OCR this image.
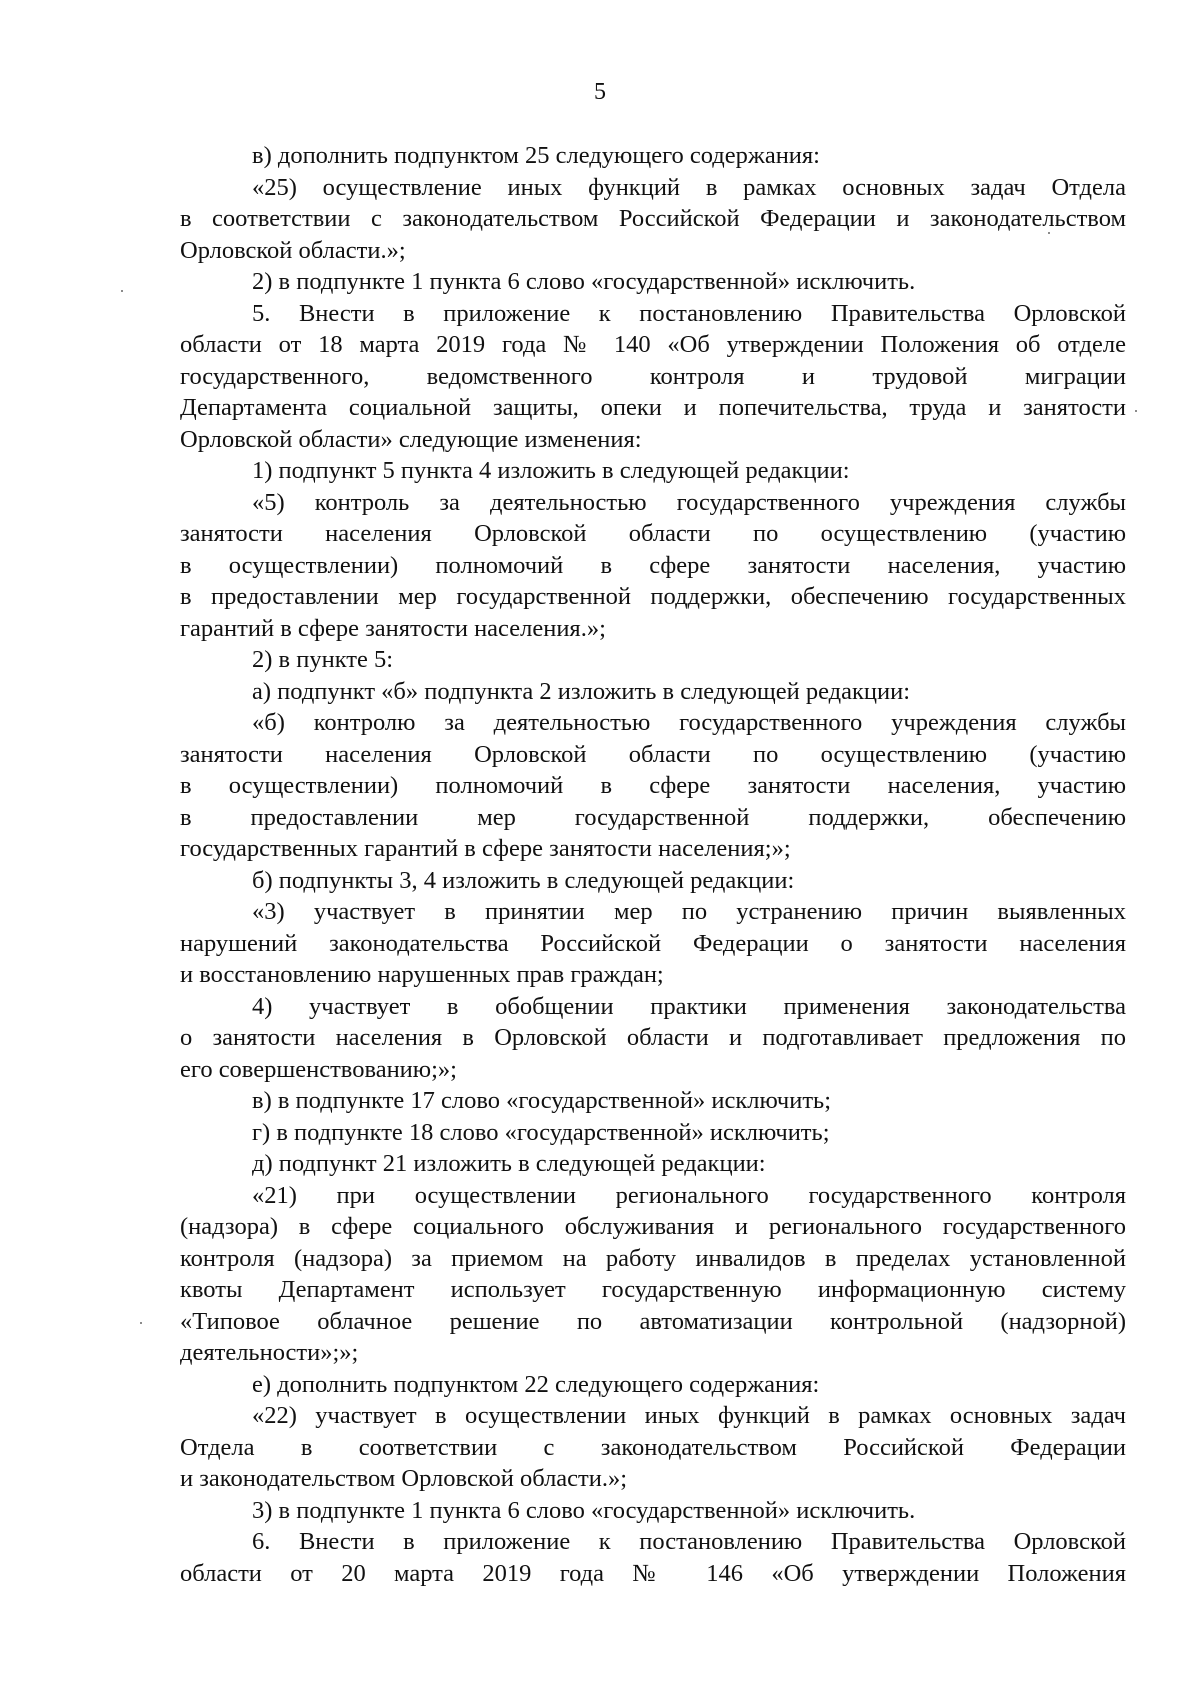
5
в) дополнить подпунктом 25 следующего содержания:
«25) осуществление иных функций в рамках основных задач Отдела
в соответствии с законодательством Российской Федерации и законодательством
Орловской области.»;
2) в подпункте 1 пункта 6 слово «государственной» исключить.
5. Внести в приложение к постановлению Правительства Орловской
области от 18 марта 2019 года № 140 «Об утверждении Положения об отделе
государственного, ведомственного контроля и трудовой миграции
Департамента социальной защиты, опеки и попечительства, труда и занятости
Орловской области» следующие изменения:
1) подпункт 5 пункта 4 изложить в следующей редакции:
«5) контроль за деятельностью государственного учреждения службы
занятости населения Орловской области по осуществлению (участию
в осуществлении) полномочий в сфере занятости населения, участию
в предоставлении мер государственной поддержки, обеспечению государственных
гарантий в сфере занятости населения.»;
2) в пункте 5:
а) подпункт «б» подпункта 2 изложить в следующей редакции:
«б) контролю за деятельностью государственного учреждения службы
занятости населения Орловской области по осуществлению (участию
в осуществлении) полномочий в сфере занятости населения, участию
в предоставлении мер государственной поддержки, обеспечению
государственных гарантий в сфере занятости населения;»;
б) подпункты 3, 4 изложить в следующей редакции:
«3) участвует в принятии мер по устранению причин выявленных
нарушений законодательства Российской Федерации о занятости населения
и восстановлению нарушенных прав граждан;
4) участвует в обобщении практики применения законодательства
о занятости населения в Орловской области и подготавливает предложения по
его совершенствованию;»;
в) в подпункте 17 слово «государственной» исключить;
г) в подпункте 18 слово «государственной» исключить;
д) подпункт 21 изложить в следующей редакции:
«21) при осуществлении регионального государственного контроля
(надзора) в сфере социального обслуживания и регионального государственного
контроля (надзора) за приемом на работу инвалидов в пределах установленной
квоты Департамент использует государственную информационную систему
«Типовое облачное решение по автоматизации контрольной (надзорной)
деятельности»;»;
е) дополнить подпунктом 22 следующего содержания:
«22) участвует в осуществлении иных функций в рамках основных задач
Отдела в соответствии с законодательством Российской Федерации
и законодательством Орловской области.»;
3) в подпункте 1 пункта 6 слово «государственной» исключить.
6. Внести в приложение к постановлению Правительства Орловской
области от 20 марта 2019 года № 146 «Об утверждении Положения
